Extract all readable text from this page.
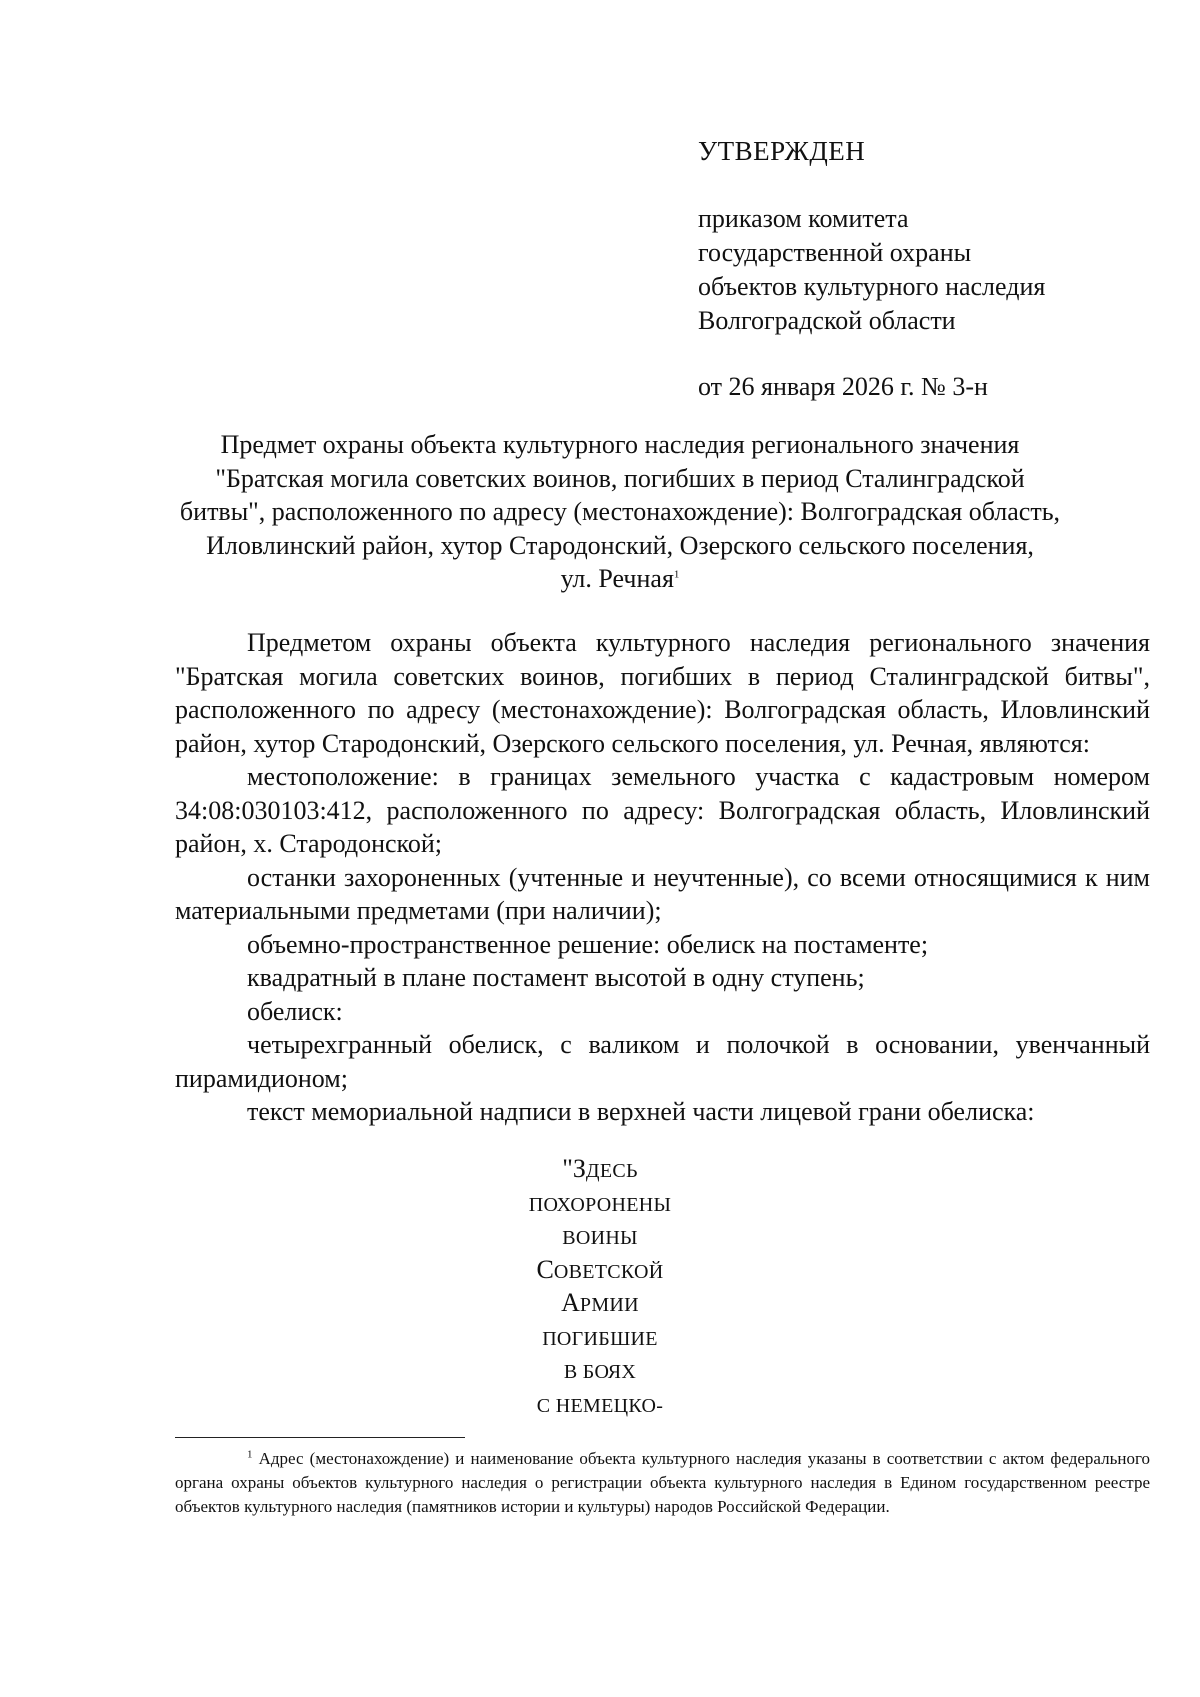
УТВЕРЖДЕН
приказом комитета
государственной охраны
объектов культурного наследия
Волгоградской области
от 26 января 2026 г. № 3-н
Предмет охраны объекта культурного наследия регионального значения
"Братская могила советских воинов, погибших в период Сталинградской
битвы", расположенного по адресу (местонахождение): Волгоградская область,
Иловлинский район, хутор Стародонский, Озерского сельского поселения,
ул. Речная$^1$

Предметом охраны объекта культурного наследия регионального значения "Братская могила советских воинов, погибших в период Сталинградской битвы", расположенного по адресу (местонахождение): Волгоградская область, Иловлинский район, хутор Стародонский, Озерского сельского поселения, ул. Речная, являются:

местоположение: в границах земельного участка с кадастровым номером 34:08:030103:412, расположенного по адресу: Волгоградская область, Иловлинский район, х. Стародонской;

останки захороненных (учтенные и неучтенные), со всеми относящимися к ним материальными предметами (при наличии);

объемно-пространственное решение: обелиск на постаменте;

квадратный в плане постамент высотой в одну ступень;

обелиск:

четырехгранный обелиск, с валиком и полочкой в основании, увенчанный пирамидионом;

текст мемориальной надписи в верхней части лицевой грани обелиска:

"ЗДЕСЬ
ПОХОРОНЕНЫ
ВОИНЫ
СОВЕТСКОЙ
АРМИИ
ПОГИБШИЕ
В БОЯХ
С НЕМЕЦКО-
$^1$ Адрес (местонахождение) и наименование объекта культурного наследия указаны в соответствии с актом федерального органа охраны объектов культурного наследия о регистрации объекта культурного наследия в Едином государственном реестре объектов культурного наследия (памятников истории и культуры) народов Российской Федерации.
